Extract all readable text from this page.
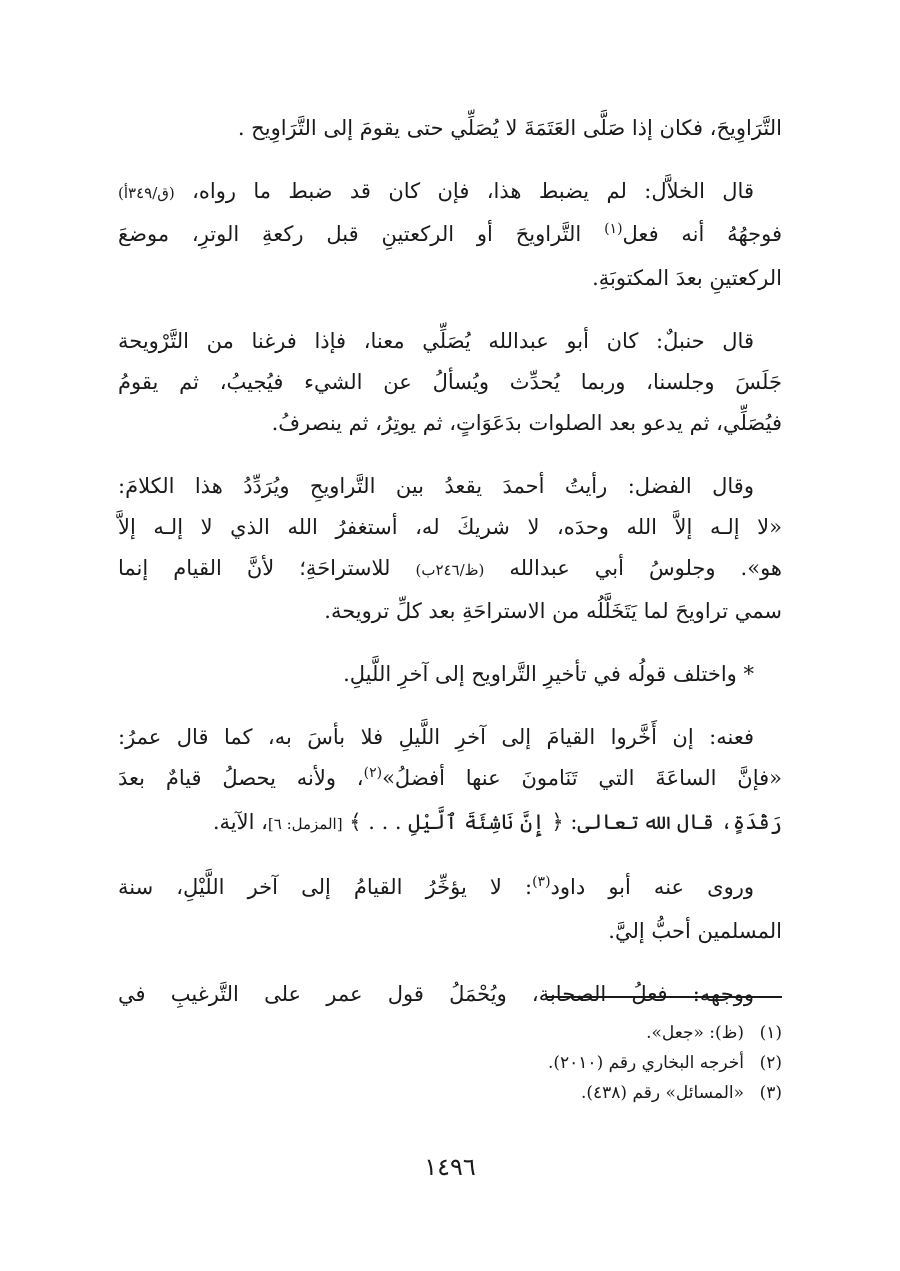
التَّرَاوِيحَ، فكان إذا صَلَّى العَتَمَةَ لا يُصَلِّي حتى يقومَ إلى التَّرَاوِيح .

قال الخلاَّل: لم يضبط هذا، فإن كان قد ضبط ما رواه، (ق/٣٤٩أ)
فوجهُهُ أنه فعل$^{(١)}$ التَّراويحَ أو الركعتينِ قبل ركعةِ الوترِ، موضعَ
الركعتينِ بعدَ المكتوبَةِ.

قال حنبلٌ: كان أبو عبدالله يُصَلِّي معنا، فإذا فرغنا من التَّرْويحة
جَلَسَ وجلسنا، وربما يُحدِّث ويُسألُ عن الشيء فيُجيبُ، ثم يقومُ
فيُصَلِّي، ثم يدعو بعد الصلوات بدَعَوَاتٍ، ثم يوتِرُ، ثم ينصرفُ.

وقال الفضل: رأيتُ أحمدَ يقعدُ بين التَّراويحِ ويُرَدِّدُ هذا الكلامَ:
«لا إلـه إلاَّ الله وحدَه، لا شريكَ له، أستغفرُ الله الذي لا إلـه إلاَّ
هو». وجلوسُ أبي عبدالله (ظ/٢٤٦ب) للاستراحَةِ؛ لأنَّ القيام إنما
سمي تراويحَ لما يَتَخَلَّلُه من الاستراحَةِ بعد كلِّ ترويحة.

* واختلف قولُه في تأخيرِ التَّراويح إلى آخرِ اللَّيلِ.

فعنه: إن أَخَّروا القيامَ إلى آخرِ اللَّيلِ فلا بأسَ به، كما قال عمرُ:
«فإنَّ الساعَةَ التي تَنَامونَ عنها أفضلُ»$^{(٢)}$، ولأنه يحصلُ قيامٌ بعدَ
رَقْدَةٍ، قال الله تعالى: ﴿ إِنَّ نَاشِئَةَ ٱلَّيْلِ . . . ﴾ [المزمل: ٦]، الآية.

وروى عنه أبو داود$^{(٣)}$: لا يؤخِّرُ القيامُ إلى آخر اللَّيْلِ، سنة
المسلمين أحبُّ إليَّ.

ووجهه: فعلُ الصحابة، ويُحْمَلُ قول عمر على التَّرغيبِ في

(١)(ظ): «جعل».
(٢)أخرجه البخاري رقم (٢٠١٠).
(٣)«المسائل» رقم (٤٣٨).
١٤٩٦
